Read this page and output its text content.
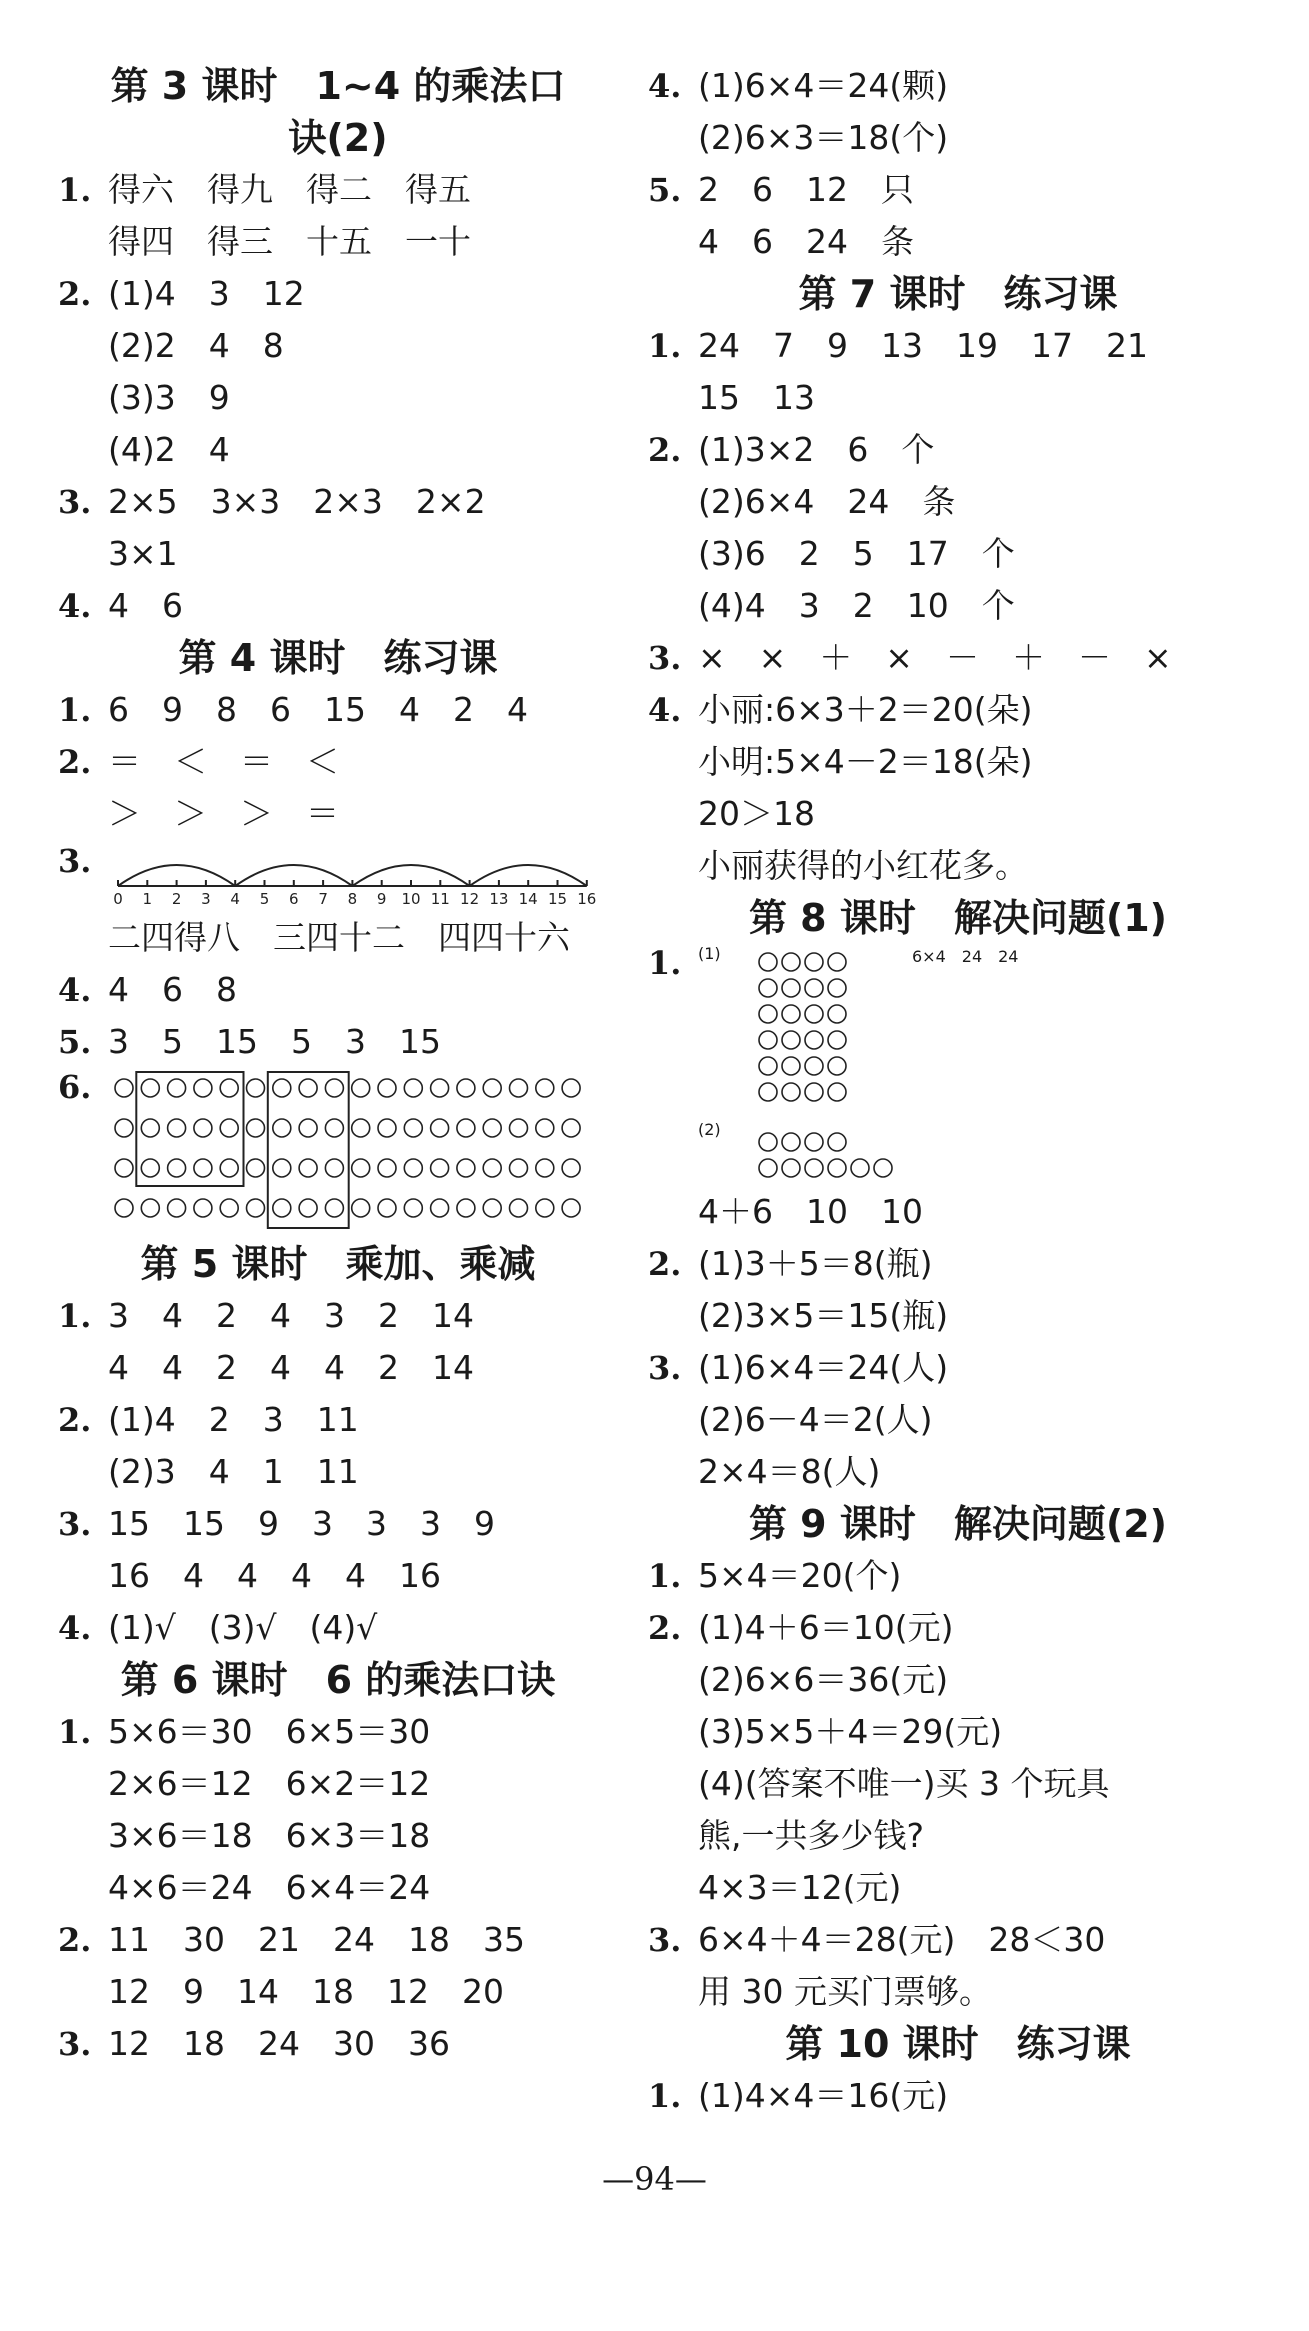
第 3 课时　1~4 的乘法口
诀(2)
1. 得六　得九　得二　得五
得四　得三　十五　一十
2. (1)4　3　12
(2)2　4　8
(3)3　9
(4)2　4
3. 2×5　3×3　2×3　2×2
3×1
4. 4　6
第 4 课时　练习课
1. 6　9　8　6　15　4　2　4
2. ＝　＜　＝　＜
＞　＞　＞　＝
3.
0 1 2 3 4 5 6 7 8 9 10 11 12 13 14 15 16
二四得八　三四十二　四四十六
4. 4　6　8
5. 3　5　15　5　3　15
6.
第 5 课时　乘加、乘减
1. 3　4　2　4　3　2　14
4　4　2　4　4　2　14
2. (1)4　2　3　11
(2)3　4　1　11
3. 15　15　9　3　3　3　9
16　4　4　4　4　16
4. (1)√　(3)√　(4)√
第 6 课时　6 的乘法口诀
1. 5×6＝30　6×5＝30
2×6＝12　6×2＝12
3×6＝18　6×3＝18
4×6＝24　6×4＝24
2. 11　30　21　24　18　35
12　9　14　18　12　20
3. 12　18　24　30　36
4. (1)6×4＝24(颗)
(2)6×3＝18(个)
5. 2　6　12　只
4　6　24　条
第 7 课时　练习课
1. 24　7　9　13　19　17　21
15　13
2. (1)3×2　6　个
(2)6×4　24　条
(3)6　2　5　17　个
(4)4　3　2　10　个
3. ×　×　＋　×　－　＋　－　×
4. 小丽:6×3＋2＝20(朵)
小明:5×4－2＝18(朵)
20＞18
小丽获得的小红花多。
第 8 课时　解决问题(1)
1. (1)	6×4　24　24
(2)
4＋6　10　10
2. (1)3＋5＝8(瓶)
(2)3×5＝15(瓶)
3. (1)6×4＝24(人)
(2)6－4＝2(人)
2×4＝8(人)
第 9 课时　解决问题(2)
1. 5×4＝20(个)
2. (1)4＋6＝10(元)
(2)6×6＝36(元)
(3)5×5＋4＝29(元)
(4)(答案不唯一)买 3 个玩具
熊,一共多少钱?
4×3＝12(元)
3. 6×4＋4＝28(元)　28＜30
用 30 元买门票够。
第 10 课时　练习课
1. (1)4×4＝16(元)
—94—
